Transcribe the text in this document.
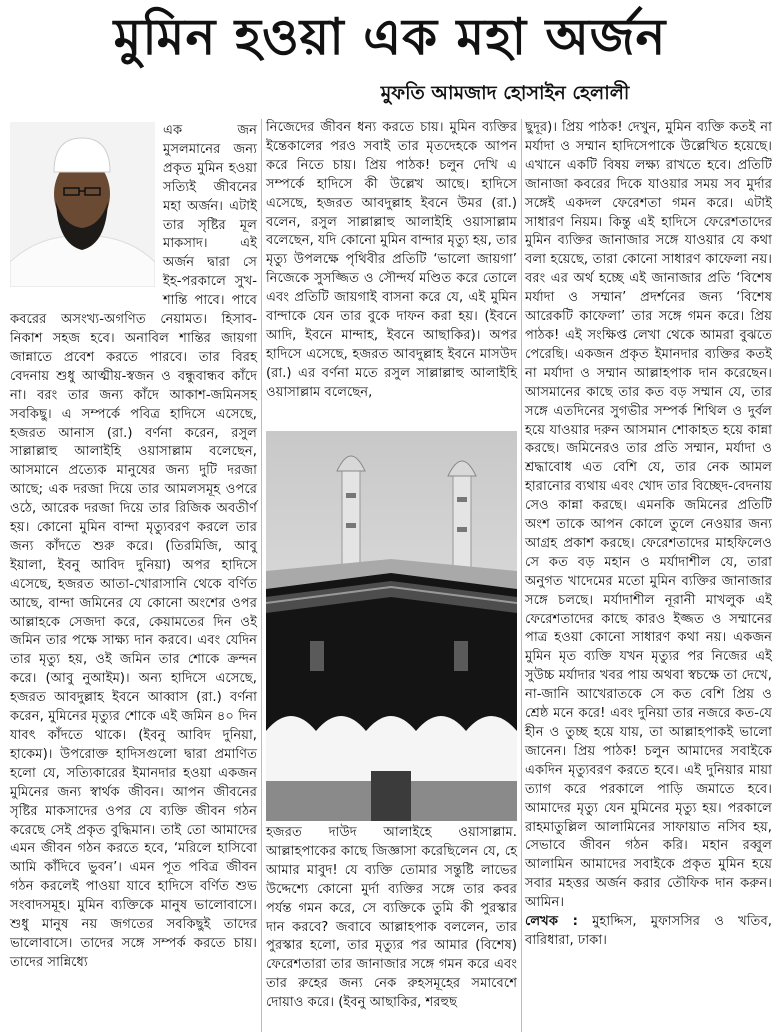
মুমিন হওয়া এক মহা অর্জন
মুফতি আমজাদ হোসাইন হেলালী

এক জন মুসলমানের জন্য প্রকৃত মুমিন হওয়া সত্যিই জীবনের মহা অর্জন। এটাই তার সৃষ্টির মূল মাকসাদ। এই অর্জন দ্বারা সে ইহ-পরকালে সুখ-শান্তি পাবে। পাবে কবরের অসংখ্য-অগণিত নেয়ামত। হিসাব-নিকাশ সহজ হবে। অনাবিল শান্তির জায়গা জান্নাতে প্রবেশ করতে পারবে। তার বিরহ বেদনায় শুধু আত্মীয়-স্বজন ও বন্ধুবান্ধব কাঁদে না। বরং তার জন্য কাঁদে আকাশ-জমিনসহ সবকিছু। এ সম্পর্কে পবিত্র হাদিসে এসেছে, হজরত আনাস (রা.) বর্ণনা করেন, রসুল সাল্লাল্লাহু আলাইহি ওয়াসাল্লাম বলেছেন, আসমানে প্রত্যেক মানুষের জন্য দুটি দরজা আছে; এক দরজা দিয়ে তার আমলসমূহ ওপরে ওঠে, আরেক দরজা দিয়ে তার রিজিক অবতীর্ণ হয়। কোনো মুমিন বান্দা মৃত্যুবরণ করলে তার জন্য কাঁদতে শুরু করে। (তিরমিজি, আবু ইয়ালা, ইবনু আবিদ দুনিয়া) অপর হাদিসে এসেছে, হজরত আতা-খোরাসানি থেকে বর্ণিত আছে, বান্দা জমিনের যে কোনো অংশের ওপর আল্লাহকে সেজদা করে, কেয়ামতের দিন ওই জমিন তার পক্ষে সাক্ষ্য দান করবে। এবং যেদিন তার মৃত্যু হয়, ওই জমিন তার শোকে ক্রন্দন করে। (আবু নুআইম)। অন্য হাদিসে এসেছে, হজরত আবদুল্লাহ ইবনে আব্বাস (রা.) বর্ণনা করেন, মুমিনের মৃত্যুর শোকে এই জমিন ৪০ দিন যাবৎ কাঁদতে থাকে। (ইবনু আবিদ দুনিয়া, হাকেম)। উপরোক্ত হাদিসগুলো দ্বারা প্রমাণিত হলো যে, সত্যিকারের ইমানদার হওয়া একজন মুমিনের জন্য স্বার্থক জীবন। আপন জীবনের সৃষ্টির মাকসাদের ওপর যে ব্যক্তি জীবন গঠন করেছে সেই প্রকৃত বুদ্ধিমান। তাই তো আমাদের এমন জীবন গঠন করতে হবে, ‘মরিলে হাসিবো আমি কাঁদিবে ভুবন’। এমন পূত পবিত্র জীবন গঠন করলেই পাওয়া যাবে হাদিসে বর্ণিত শুভ সংবাদসমূহ। মুমিন ব্যক্তিকে মানুষ ভালোবাসে। শুধু মানুষ নয় জগতের সবকিছুই তাদের ভালোবাসে। তাদের সঙ্গে সম্পর্ক করতে চায়। তাদের সান্নিধ্যে

নিজেদের জীবন ধন্য করতে চায়। মুমিন ব্যক্তির ইন্তেকালের পরও সবাই তার মৃতদেহকে আপন করে নিতে চায়। প্রিয় পাঠক! চলুন দেখি এ সম্পর্কে হাদিসে কী উল্লেখ আছে। হাদিসে এসেছে, হজরত আবদুল্লাহ ইবনে উমর (রা.) বলেন, রসুল সাল্লাল্লাহু আলাইহি ওয়াসাল্লাম বলেছেন, যদি কোনো মুমিন বান্দার মৃত্যু হয়, তার মৃত্যু উপলক্ষে পৃথিবীর প্রতিটি ‘ভালো জায়গা’ নিজেকে সুসজ্জিত ও সৌন্দর্য মণ্ডিত করে তোলে এবং প্রতিটি জায়গাই বাসনা করে যে, এই মুমিন বান্দাকে যেন তার বুকে দাফন করা হয়। (ইবনে আদি, ইবনে মান্দাহ, ইবনে আছাকির)। অপর হাদিসে এসেছে, হজরত আবদুল্লাহ ইবনে মাসউদ (রা.) এর বর্ণনা মতে রসুল সাল্লাল্লাহু আলাইহি ওয়াসাল্লাম বলেছেন,

হজরত দাউদ আলাইহে ওয়াসাল্লাম. আল্লাহপাকের কাছে জিজ্ঞাসা করেছিলেন যে, হে আমার মাবুদ! যে ব্যক্তি তোমার সন্তুষ্টি লাভের উদ্দেশ্যে কোনো মুর্দা ব্যক্তির সঙ্গে তার কবর পর্যন্ত গমন করে, সে ব্যক্তিকে তুমি কী পুরস্কার দান করবে? জবাবে আল্লাহপাক বললেন, তার পুরস্কার হলো, তার মৃত্যুর পর আমার (বিশেষ) ফেরেশতারা তার জানাজার সঙ্গে গমন করে এবং তার রুহের জন্য নেক রুহসমূহের সমাবেশে দোয়াও করে। (ইবনু আছাকির, শরহুছ

ছুদূর)। প্রিয় পাঠক! দেখুন, মুমিন ব্যক্তি কতই না মর্যাদা ও সম্মান হাদিসেপাকে উল্লেখিত হয়েছে। এখানে একটি বিষয় লক্ষ্য রাখতে হবে। প্রতিটি জানাজা কবরের দিকে যাওয়ার সময় সব মুর্দার সঙ্গেই একদল ফেরেশতা গমন করে। এটাই সাধারণ নিয়ম। কিন্তু এই হাদিসে ফেরেশতাদের মুমিন ব্যক্তির জানাজার সঙ্গে যাওয়ার যে কথা বলা হয়েছে, তারা কোনো সাধারণ কাফেলা নয়। বরং এর অর্থ হচ্ছে এই জানাজার প্রতি ‘বিশেষ মর্যাদা ও সম্মান’ প্রদর্শনের জন্য ‘বিশেষ আরেকটি কাফেলা’ তার সঙ্গে গমন করে। প্রিয় পাঠক! এই সংক্ষিপ্ত লেখা থেকে আমরা বুঝতে পেরেছি। একজন প্রকৃত ইমানদার ব্যক্তির কতই না মর্যাদা ও সম্মান আল্লাহপাক দান করেছেন। আসমানের কাছে তার কত বড় সম্মান যে, তার সঙ্গে এতদিনের সুগভীর সম্পর্ক শিথিল ও দুর্বল হয়ে যাওয়ার দরুন আসমান শোকাহত হয়ে কান্না করছে। জমিনেরও তার প্রতি সম্মান, মর্যাদা ও শ্রদ্ধাবোধ এত বেশি যে, তার নেক আমল হারানোর ব্যথায় এবং খোদ তার বিচ্ছেদ-বেদনায় সেও কান্না করছে। এমনকি জমিনের প্রতিটি অংশ তাকে আপন কোলে তুলে নেওয়ার জন্য আগ্রহ প্রকাশ করছে। ফেরেশতাদের মাহফিলেও সে কত বড় মহান ও মর্যাদাশীল যে, তারা অনুগত খাদেমের মতো মুমিন ব্যক্তির জানাজার সঙ্গে চলছে। মর্যাদাশীল নূরানী মাখলুক এই ফেরেশতাদের কাছে কারও ইজ্জত ও সম্মানের পাত্র হওয়া কোনো সাধারণ কথা নয়। একজন মুমিন মৃত ব্যক্তি যখন মৃত্যুর পর নিজের এই সুউচ্চ মর্যাদার খবর পায় অথবা স্বচক্ষে তা দেখে, না-জানি আখেরাতকে সে কত বেশি প্রিয় ও শ্রেষ্ঠ মনে করে! এবং দুনিয়া তার নজরে কত-যে হীন ও তুচ্ছ হয়ে যায়, তা আল্লাহপাকই ভালো জানেন। প্রিয় পাঠক! চলুন আমাদের সবাইকে একদিন মৃত্যুবরণ করতে হবে। এই দুনিয়ার মায়া ত্যাগ করে পরকালে পাড়ি জমাতে হবে। আমাদের মৃত্যু যেন মুমিনের মৃত্যু হয়। পরকালে রাহমাতুল্লিল আলামিনের সাফায়াত নসিব হয়, সেভাবে জীবন গঠন করি। মহান রব্বুল আলামিন আমাদের সবাইকে প্রকৃত মুমিন হয়ে সবার মহত্তর অর্জন করার তৌফিক দান করুন। আমিন।

লেখক : মুহাদ্দিস, মুফাসসির ও খতিব, বারিধারা, ঢাকা।
